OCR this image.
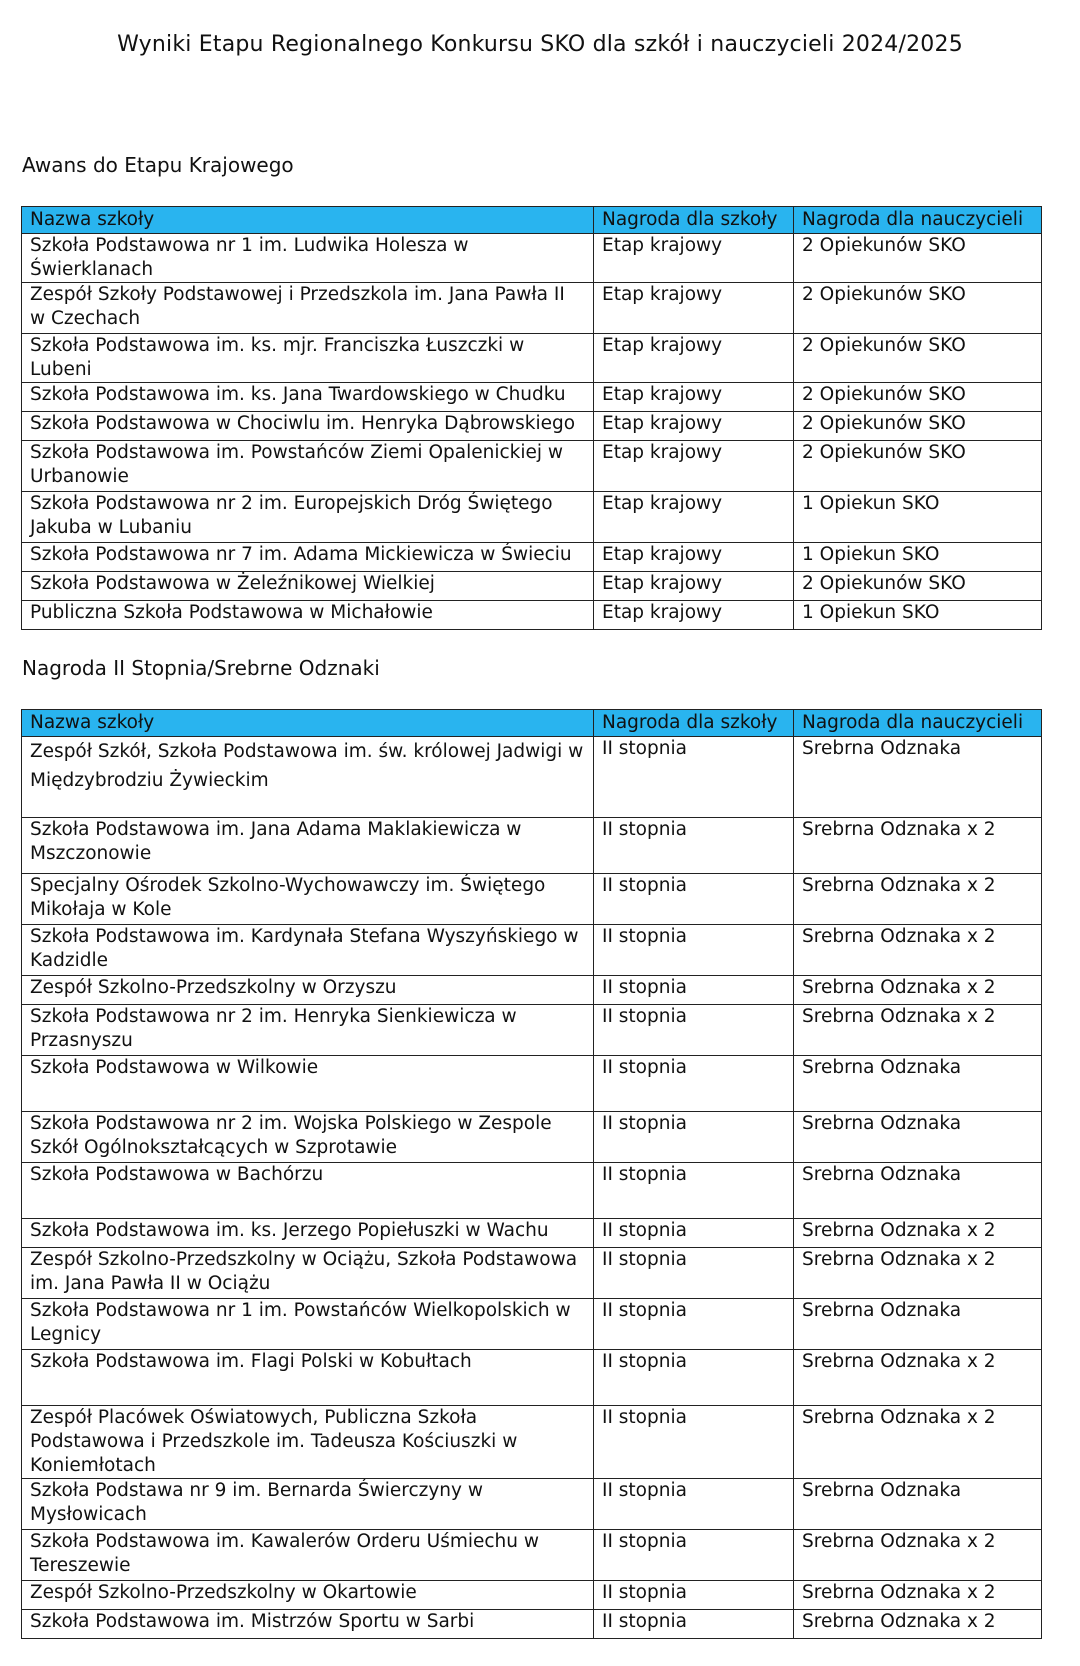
Wyniki Etapu Regionalnego Konkursu SKO dla szkół i nauczycieli 2024/2025
Awans do Etapu Krajowego
Nazwa szkoły	Nagroda dla szkoły	Nagroda dla nauczycieli
Szkoła Podstawowa nr 1 im. Ludwika Holesza w Świerklanach	Etap krajowy	2 Opiekunów SKO
Zespół Szkoły Podstawowej i Przedszkola im. Jana Pawła II w Czechach	Etap krajowy	2 Opiekunów SKO
Szkoła Podstawowa im. ks. mjr. Franciszka Łuszczki w Lubeni	Etap krajowy	2 Opiekunów SKO
Szkoła Podstawowa im. ks. Jana Twardowskiego w Chudku	Etap krajowy	2 Opiekunów SKO
Szkoła Podstawowa w Chociwlu im. Henryka Dąbrowskiego	Etap krajowy	2 Opiekunów SKO
Szkoła Podstawowa im. Powstańców Ziemi Opalenickiej w Urbanowie	Etap krajowy	2 Opiekunów SKO
Szkoła Podstawowa nr 2 im. Europejskich Dróg Świętego Jakuba w Lubaniu	Etap krajowy	1 Opiekun SKO
Szkoła Podstawowa nr 7 im. Adama Mickiewicza w Świeciu	Etap krajowy	1 Opiekun SKO
Szkoła Podstawowa w Żeleźnikowej Wielkiej	Etap krajowy	2 Opiekunów SKO
Publiczna Szkoła Podstawowa w Michałowie	Etap krajowy	1 Opiekun SKO
Nagroda II Stopnia/Srebrne Odznaki
Nazwa szkoły	Nagroda dla szkoły	Nagroda dla nauczycieli
Zespół Szkół, Szkoła Podstawowa im. św. królowej Jadwigi w Międzybrodziu Żywieckim	II stopnia	Srebrna Odznaka
Szkoła Podstawowa im. Jana Adama Maklakiewicza w Mszczonowie	II stopnia	Srebrna Odznaka x 2
Specjalny Ośrodek Szkolno-Wychowawczy im. Świętego Mikołaja w Kole	II stopnia	Srebrna Odznaka x 2
Szkoła Podstawowa im. Kardynała Stefana Wyszyńskiego w Kadzidle	II stopnia	Srebrna Odznaka x 2
Zespół Szkolno-Przedszkolny w Orzyszu	II stopnia	Srebrna Odznaka x 2
Szkoła Podstawowa nr 2 im. Henryka Sienkiewicza w Przasnyszu	II stopnia	Srebrna Odznaka x 2
Szkoła Podstawowa w Wilkowie	II stopnia	Srebrna Odznaka
Szkoła Podstawowa nr 2 im. Wojska Polskiego w Zespole Szkół Ogólnokształcących w Szprotawie	II stopnia	Srebrna Odznaka
Szkoła Podstawowa w Bachórzu	II stopnia	Srebrna Odznaka
Szkoła Podstawowa im. ks. Jerzego Popiełuszki w Wachu	II stopnia	Srebrna Odznaka x 2
Zespół Szkolno-Przedszkolny w Ociążu, Szkoła Podstawowa im. Jana Pawła II w Ociążu	II stopnia	Srebrna Odznaka x 2
Szkoła Podstawowa nr 1 im. Powstańców Wielkopolskich w Legnicy	II stopnia	Srebrna Odznaka
Szkoła Podstawowa im. Flagi Polski w Kobułtach	II stopnia	Srebrna Odznaka x 2
Zespół Placówek Oświatowych, Publiczna Szkoła Podstawowa i Przedszkole im. Tadeusza Kościuszki w Koniemłotach	II stopnia	Srebrna Odznaka x 2
Szkoła Podstawa nr 9 im. Bernarda Świerczyny w Mysłowicach	II stopnia	Srebrna Odznaka
Szkoła Podstawowa im. Kawalerów Orderu Uśmiechu w Tereszewie	II stopnia	Srebrna Odznaka x 2
Zespół Szkolno-Przedszkolny w Okartowie	II stopnia	Srebrna Odznaka x 2
Szkoła Podstawowa im. Mistrzów Sportu w Sarbi	II stopnia	Srebrna Odznaka x 2
